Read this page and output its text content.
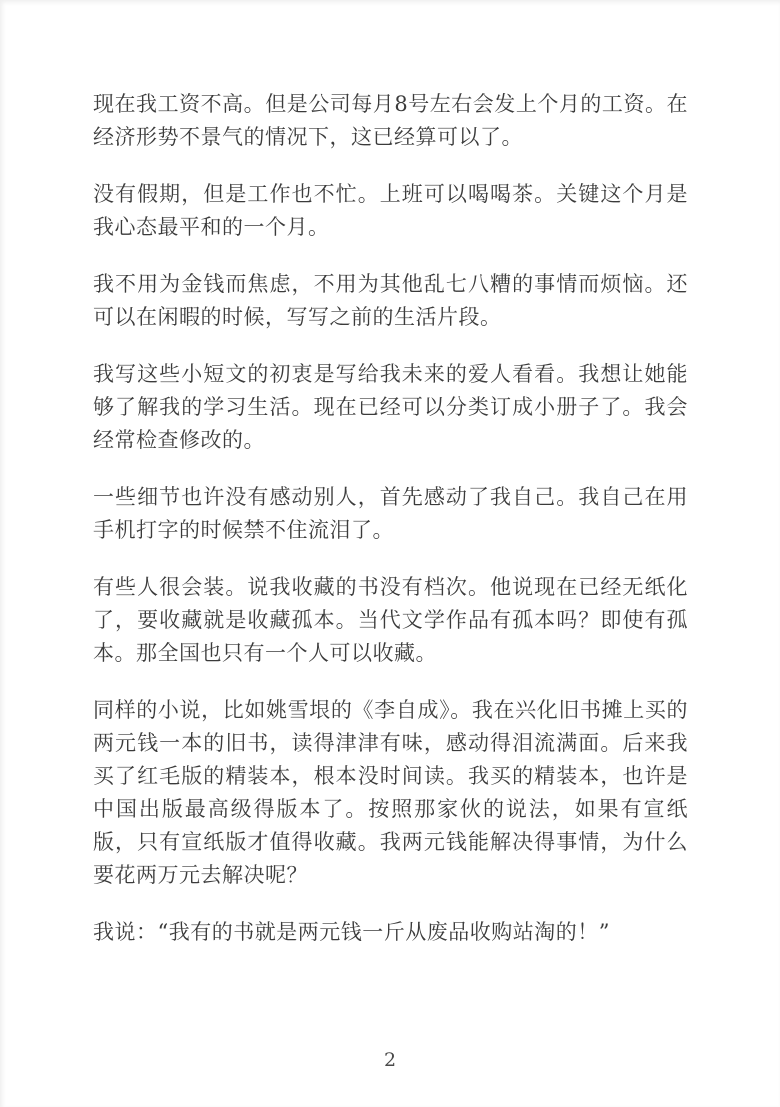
现在我工资不高。但是公司每月8号左右会发上个月的工资。在经济形势不景气的情况下，这已经算可以了。

没有假期，但是工作也不忙。上班可以喝喝茶。关键这个月是我心态最平和的一个月。

我不用为金钱而焦虑，不用为其他乱七八糟的事情而烦恼。还可以在闲暇的时候，写写之前的生活片段。

我写这些小短文的初衷是写给我未来的爱人看看。我想让她能够了解我的学习生活。现在已经可以分类订成小册子了。我会经常检查修改的。

一些细节也许没有感动别人，首先感动了我自己。我自己在用手机打字的时候禁不住流泪了。

有些人很会装。说我收藏的书没有档次。他说现在已经无纸化了，要收藏就是收藏孤本。当代文学作品有孤本吗？即使有孤本。那全国也只有一个人可以收藏。

同样的小说，比如姚雪垠的《李自成》。我在兴化旧书摊上买的两元钱一本的旧书，读得津津有味，感动得泪流满面。后来我买了红毛版的精装本，根本没时间读。我买的精装本，也许是中国出版最高级得版本了。按照那家伙的说法，如果有宣纸版，只有宣纸版才值得收藏。我两元钱能解决得事情，为什么要花两万元去解决呢？

我说：“我有的书就是两元钱一斤从废品收购站淘的！”

2
